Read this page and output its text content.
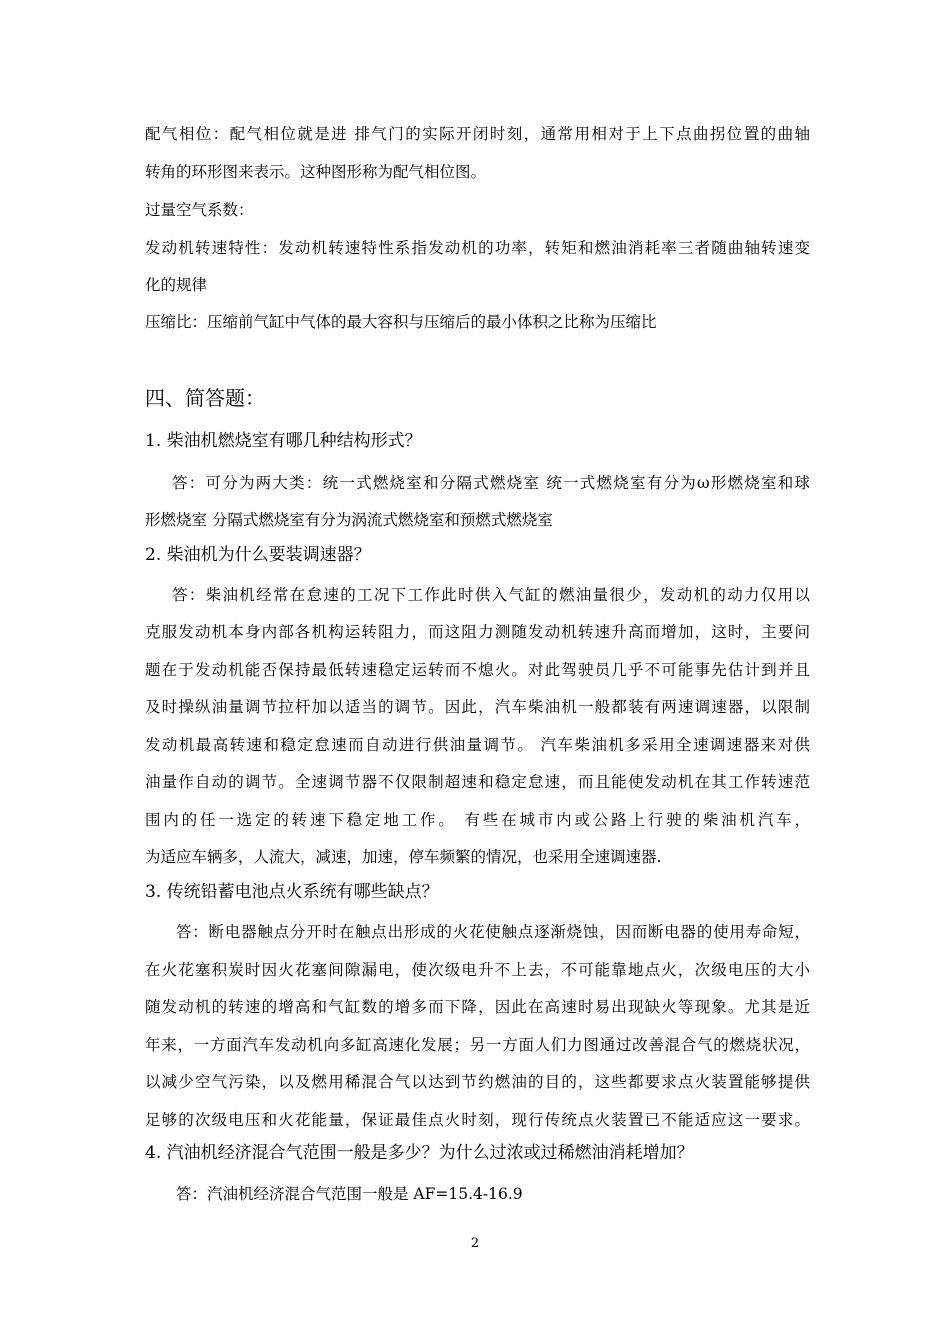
配气相位：配气相位就是进 排气门的实际开闭时刻，通常用相对于上下点曲拐位置的曲轴
转角的环形图来表示。这种图形称为配气相位图。
过量空气系数：
发动机转速特性：发动机转速特性系指发动机的功率，转矩和燃油消耗率三者随曲轴转速变
化的规律
压缩比：压缩前气缸中气体的最大容积与压缩后的最小体积之比称为压缩比
四、简答题：
1. 柴油机燃烧室有哪几种结构形式？
答：可分为两大类：统一式燃烧室和分隔式燃烧室 统一式燃烧室有分为ω形燃烧室和球
形燃烧室 分隔式燃烧室有分为涡流式燃烧室和预燃式燃烧室
2. 柴油机为什么要装调速器？
答：柴油机经常在怠速的工况下工作此时供入气缸的燃油量很少，发动机的动力仅用以
克服发动机本身内部各机构运转阻力，而这阻力测随发动机转速升高而增加，这时，主要问
题在于发动机能否保持最低转速稳定运转而不熄火。对此驾驶员几乎不可能事先估计到并且
及时操纵油量调节拉杆加以适当的调节。因此，汽车柴油机一般都装有两速调速器，以限制
发动机最高转速和稳定怠速而自动进行供油量调节。 汽车柴油机多采用全速调速器来对供
油量作自动的调节。全速调节器不仅限制超速和稳定怠速，而且能使发动机在其工作转速范
围内的任一选定的转速下稳定地工作。 有些在城市内或公路上行驶的柴油机汽车，
为适应车辆多，人流大，减速，加速，停车频繁的情况，也采用全速调速器.
3. 传统铅蓄电池点火系统有哪些缺点？
答：断电器触点分开时在触点出形成的火花使触点逐渐烧蚀，因而断电器的使用寿命短，
在火花塞积炭时因火花塞间隙漏电，使次级电升不上去，不可能靠地点火，次级电压的大小
随发动机的转速的增高和气缸数的增多而下降，因此在高速时易出现缺火等现象。尤其是近
年来，一方面汽车发动机向多缸高速化发展；另一方面人们力图通过改善混合气的燃烧状况，
以减少空气污染，以及燃用稀混合气以达到节约燃油的目的，这些都要求点火装置能够提供
足够的次级电压和火花能量，保证最佳点火时刻，现行传统点火装置已不能适应这一要求。
4. 汽油机经济混合气范围一般是多少？为什么过浓或过稀燃油消耗增加？
答：汽油机经济混合气范围一般是 AF=15.4-16.9
2
